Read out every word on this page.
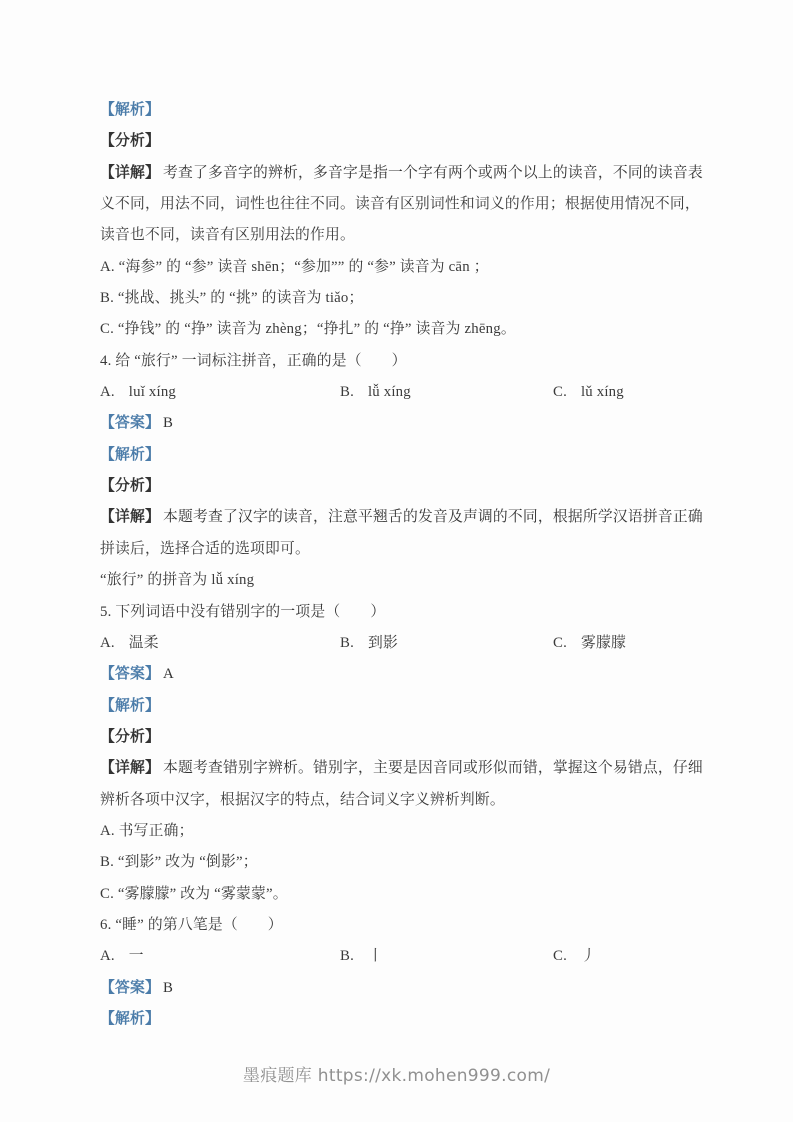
【解析】
【分析】
【详解】 考查了多音字的辨析，多音字是指一个字有两个或两个以上的读音，不同的读音表
义不同，用法不同，词性也往往不同。读音有区别词性和词义的作用；根据使用情况不同，
读音也不同，读音有区别用法的作用。
A. “海参” 的 “参” 读音 shēn；“参加”” 的 “参” 读音为 cān ；
B. “挑战、挑头” 的 “挑” 的读音为 tiǎo；
C. “挣钱” 的 “挣” 读音为 zhèng；“挣扎” 的 “挣” 读音为 zhēng。
4. 给 “旅行” 一词标注拼音，正确的是（　　）
A. luǐ xíng	B. lǚ xíng	C. lǔ xíng
【答案】 B
【解析】
【分析】
【详解】 本题考查了汉字的读音，注意平翘舌的发音及声调的不同，根据所学汉语拼音正确
拼读后，选择合适的选项即可。
“旅行” 的拼音为 lǚ xíng
5. 下列词语中没有错别字的一项是（　　）
A. 温柔	B. 到影	C. 雾朦朦
【答案】 A
【解析】
【分析】
【详解】 本题考查错别字辨析。错别字，主要是因音同或形似而错，掌握这个易错点，仔细
辨析各项中汉字，根据汉字的特点，结合词义字义辨析判断。
A. 书写正确；
B. “到影” 改为 “倒影”；
C. “雾朦朦” 改为 “雾蒙蒙”。
6. “睡” 的第八笔是（　　）
A. 一	B. 丨	C. 丿
【答案】 B
【解析】
墨痕题库 https://xk.mohen999.com/
